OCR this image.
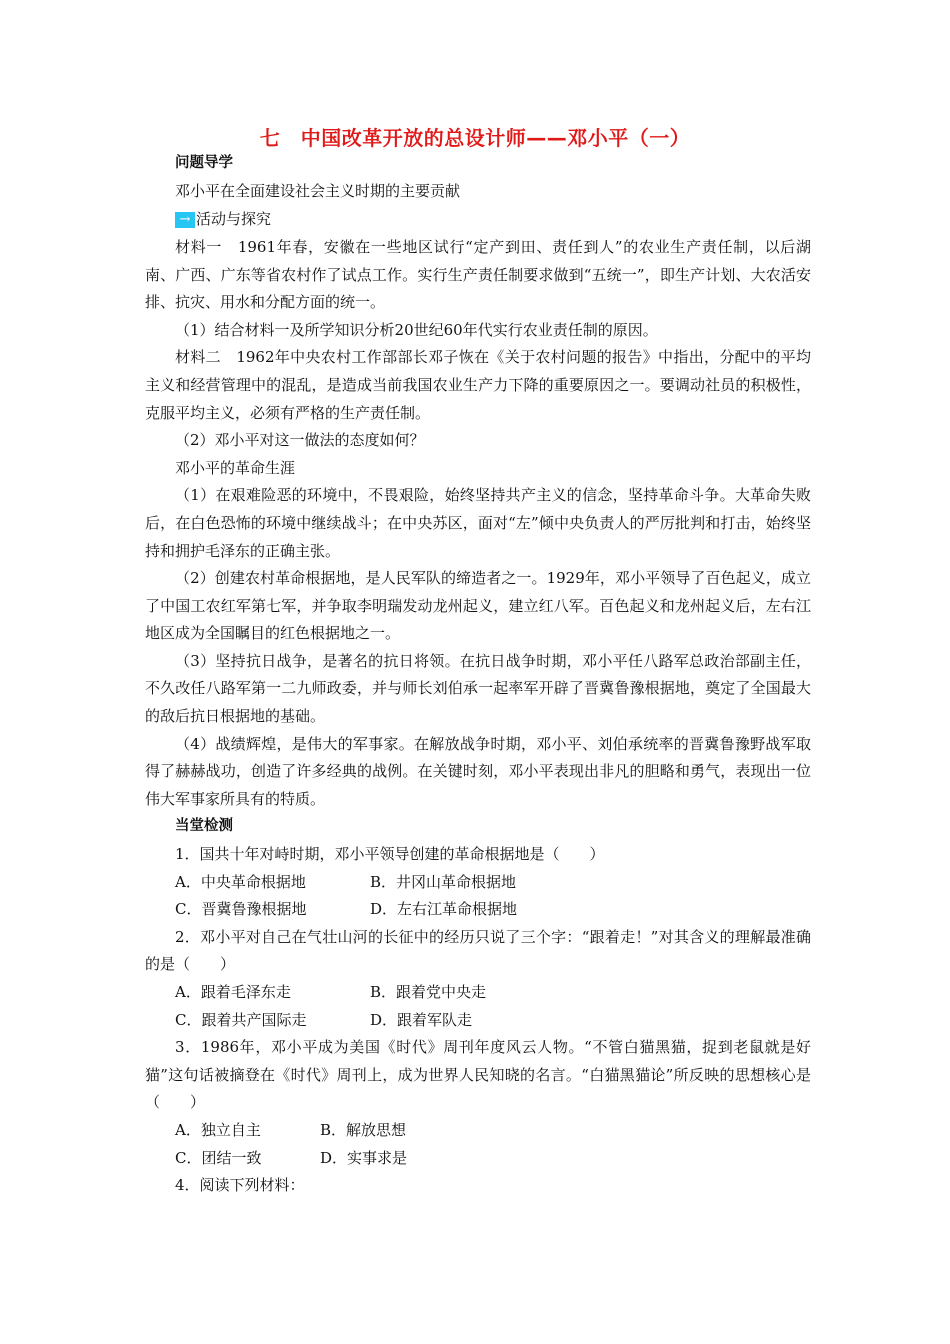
七　中国改革开放的总设计师——邓小平（一）

问题导学

邓小平在全面建设社会主义时期的主要贡献

→ 活动与探究

材料一　1961年春，安徽在一些地区试行“定产到田、责任到人”的农业生产责任制，以后湖南、广西、广东等省农村作了试点工作。实行生产责任制要求做到“五统一”，即生产计划、大农活安排、抗灾、用水和分配方面的统一。

（1）结合材料一及所学知识分析20世纪60年代实行农业责任制的原因。

材料二　1962年中央农村工作部部长邓子恢在《关于农村问题的报告》中指出，分配中的平均主义和经营管理中的混乱，是造成当前我国农业生产力下降的重要原因之一。要调动社员的积极性，克服平均主义，必须有严格的生产责任制。

（2）邓小平对这一做法的态度如何？

邓小平的革命生涯

（1）在艰难险恶的环境中，不畏艰险，始终坚持共产主义的信念，坚持革命斗争。大革命失败后，在白色恐怖的环境中继续战斗；在中央苏区，面对“左”倾中央负责人的严厉批判和打击，始终坚持和拥护毛泽东的正确主张。

（2）创建农村革命根据地，是人民军队的缔造者之一。1929年，邓小平领导了百色起义，成立了中国工农红军第七军，并争取李明瑞发动龙州起义，建立红八军。百色起义和龙州起义后，左右江地区成为全国瞩目的红色根据地之一。

（3）坚持抗日战争，是著名的抗日将领。在抗日战争时期，邓小平任八路军总政治部副主任，不久改任八路军第一二九师政委，并与师长刘伯承一起率军开辟了晋冀鲁豫根据地，奠定了全国最大的敌后抗日根据地的基础。

（4）战绩辉煌，是伟大的军事家。在解放战争时期，邓小平、刘伯承统率的晋冀鲁豫野战军取得了赫赫战功，创造了许多经典的战例。在关键时刻，邓小平表现出非凡的胆略和勇气，表现出一位伟大军事家所具有的特质。

当堂检测

1．国共十年对峙时期，邓小平领导创建的革命根据地是（　　）

A．中央革命根据地	B．井冈山革命根据地
C．晋冀鲁豫根据地	D．左右江革命根据地

2．邓小平对自己在气壮山河的长征中的经历只说了三个字：“跟着走！”对其含义的理解最准确的是（　　）

A．跟着毛泽东走	B．跟着党中央走
C．跟着共产国际走	D．跟着军队走

3．1986年，邓小平成为美国《时代》周刊年度风云人物。“不管白猫黑猫，捉到老鼠就是好猫”这句话被摘登在《时代》周刊上，成为世界人民知晓的名言。“白猫黑猫论”所反映的思想核心是（　　）

A．独立自主	B．解放思想
C．团结一致	D．实事求是

4．阅读下列材料：
